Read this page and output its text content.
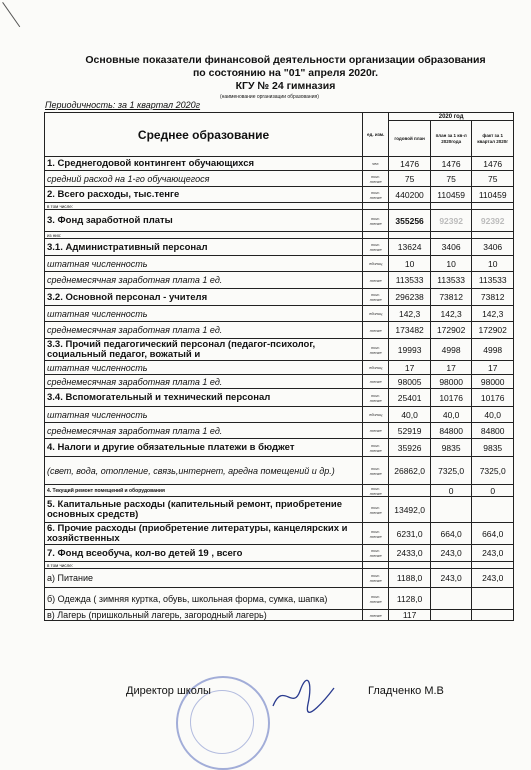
Основные показатели финансовой деятельности организации образования
по состоянию на "01" апреля 2020г.
КГУ № 24 гимназия
(наименование организации образования)
Периодичность: за 1 квартал 2020г
Среднее образование	ед. изм.	2020 год		
		годовой план	план за 1 кв-л 2020года	факт за 1 квартал 2020г
1. Среднегодовой контингент обучающихся	чел.	1476	1476	1476
средний расход на 1-го обучающегося	тыс. тенге	75	75	75
2. Всего расходы, тыс.тенге	тыс. тенге	440200	110459	110459
в том числе:				
3. Фонд заработной платы	тыс. тенге	355256	92392	92392
из них:				
3.1. Административный персонал	тыс. тенге	13624	3406	3406
штатная численность	единиц	10	10	10
среднемесячная заработная плата 1 ед.	тенге	113533	113533	113533
3.2. Основной персонал - учителя	тыс. тенге	296238	73812	73812
штатная численность	единиц	142,3	142,3	142,3
среднемесячная заработная плата 1 ед.	тенге	173482	172902	172902
3.3. Прочий педагогический персонал (педагог-психолог, социальный педагог, вожатый и	тыс. тенге	19993	4998	4998
штатная численность	единиц	17	17	17
среднемесячная заработная плата 1 ед.	тенге	98005	98000	98000
3.4. Вспомогательный и технический персонал	тыс. тенге	25401	10176	10176
штатная численность	единиц	40,0	40,0	40,0
среднемесячная заработная плата 1 ед.	тенге	52919	84800	84800
4. Налоги и другие обязательные платежи в бюджет	тыс. тенге	35926	9835	9835
(свет, вода, отопление, связь,интернет, аредна помещений и др.)	тыс. тенге	26862,0	7325,0	7325,0
4. Текущий ремонт помещений и оборудования	тыс. тенге		0	0
5. Капитальные расходы (капительный ремонт, приобретение основных средств)	тыс. тенге	13492,0		
6. Прочие расходы (приобретение литературы, канцелярских и хозяйственных	тыс. тенге	6231,0	664,0	664,0
7. Фонд всеобуча, кол-во детей 19 , всего	тыс. тенге	2433,0	243,0	243,0
в том числе:				
а) Питание	тыс. тенге	1188,0	243,0	243,0
б) Одежда ( зимняя куртка, обувь, школьная форма, сумка, шапка)	тыс. тенге	1128,0		
в) Лагерь (пришкольный лагерь, загородный лагерь)	тенге	117		
Директор школы	Гладченко М.В
